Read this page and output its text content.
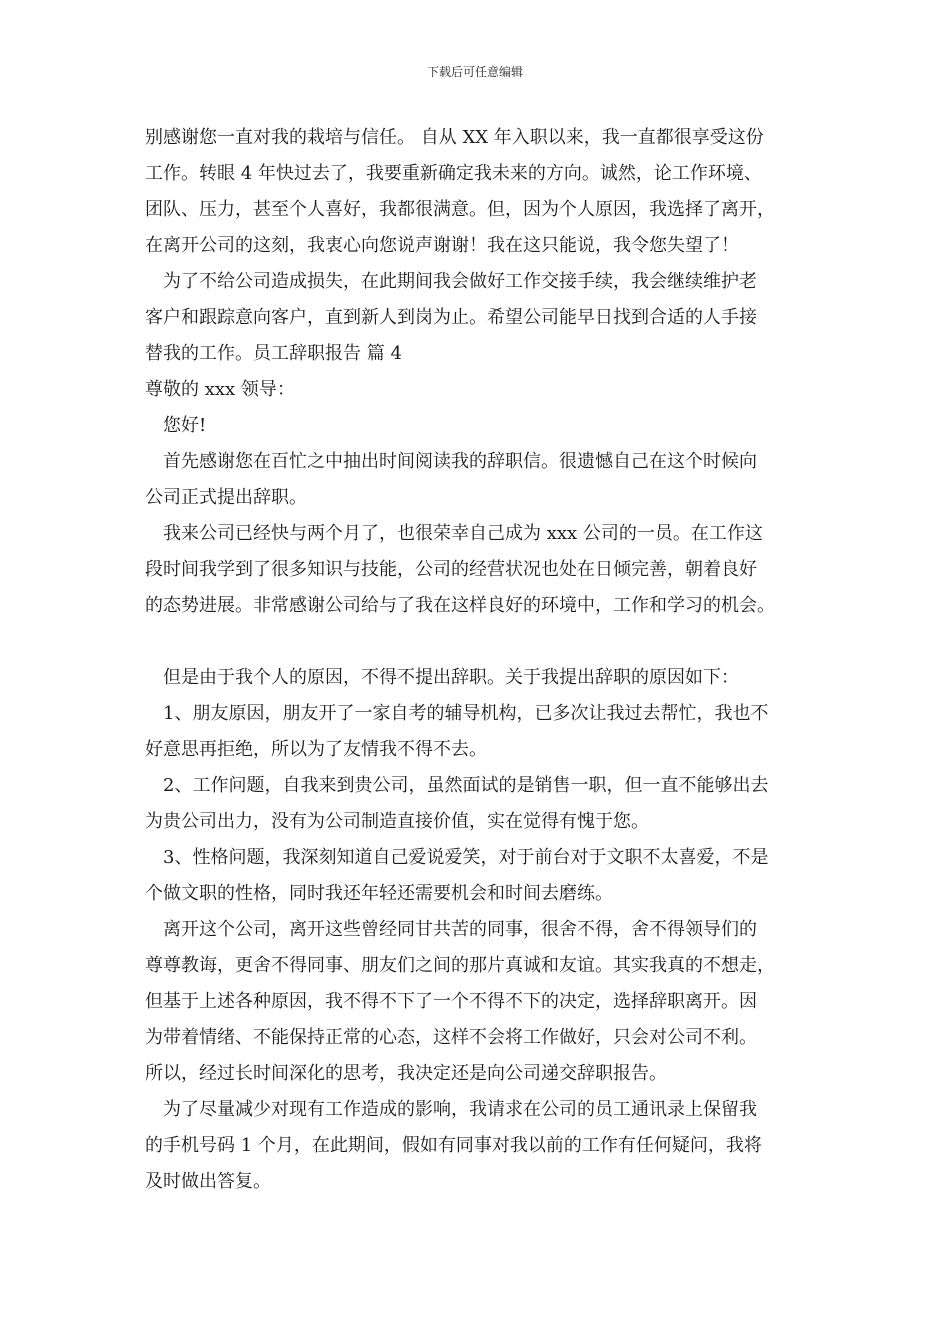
下载后可任意编辑
别感谢您一直对我的栽培与信任。 自从 XX 年入职以来，我一直都很享受这份
工作。转眼 4 年快过去了，我要重新确定我未来的方向。诚然，论工作环境、
团队、压力，甚至个人喜好，我都很满意。但，因为个人原因，我选择了离开，
在离开公司的这刻，我衷心向您说声谢谢！我在这只能说，我令您失望了！
　为了不给公司造成损失，在此期间我会做好工作交接手续，我会继续维护老
客户和跟踪意向客户，直到新人到岗为止。希望公司能早日找到合适的人手接
替我的工作。员工辞职报告 篇 4
尊敬的 xxx 领导：
　您好!
　首先感谢您在百忙之中抽出时间阅读我的辞职信。很遗憾自己在这个时候向
公司正式提出辞职。
　我来公司已经快与两个月了，也很荣幸自己成为 xxx 公司的一员。在工作这
段时间我学到了很多知识与技能，公司的经营状况也处在日倾完善，朝着良好
的态势进展。非常感谢公司给与了我在这样良好的环境中，工作和学习的机会。
　但是由于我个人的原因，不得不提出辞职。关于我提出辞职的原因如下：
　1、朋友原因，朋友开了一家自考的辅导机构，已多次让我过去帮忙，我也不
好意思再拒绝，所以为了友情我不得不去。
　2、工作问题，自我来到贵公司，虽然面试的是销售一职，但一直不能够出去
为贵公司出力，没有为公司制造直接价值，实在觉得有愧于您。
　3、性格问题，我深刻知道自己爱说爱笑，对于前台对于文职不太喜爱，不是
个做文职的性格，同时我还年轻还需要机会和时间去磨练。
　离开这个公司，离开这些曾经同甘共苦的同事，很舍不得，舍不得领导们的
尊尊教诲，更舍不得同事、朋友们之间的那片真诚和友谊。其实我真的不想走，
但基于上述各种原因，我不得不下了一个不得不下的决定，选择辞职离开。因
为带着情绪、不能保持正常的心态，这样不会将工作做好，只会对公司不利。
所以，经过长时间深化的思考，我决定还是向公司递交辞职报告。
　为了尽量减少对现有工作造成的影响，我请求在公司的员工通讯录上保留我
的手机号码 1 个月，在此期间，假如有同事对我以前的工作有任何疑问，我将
及时做出答复。
